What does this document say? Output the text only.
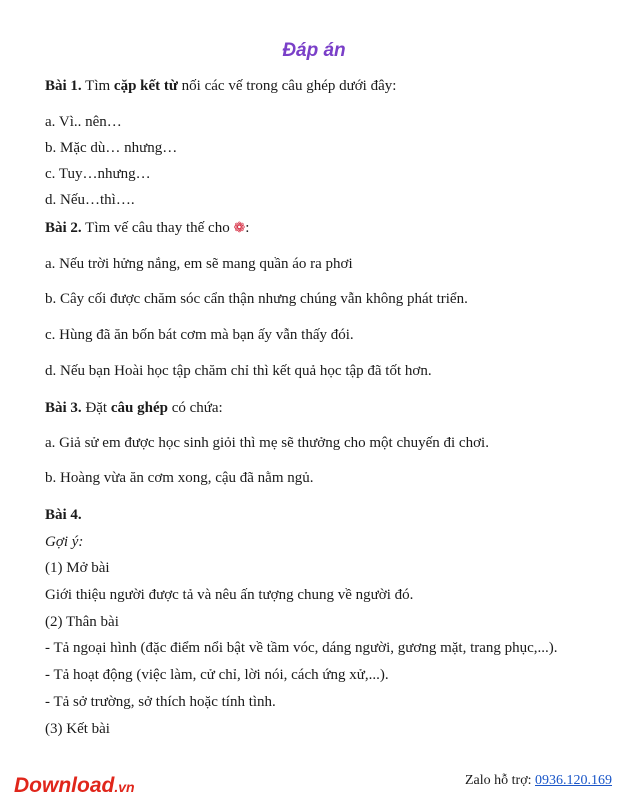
Đáp án
Bài 1. Tìm cặp kết từ nối các vế trong câu ghép dưới đây:
a. Vì.. nên…
b. Mặc dù… nhưng…
c. Tuy…nhưng…
d. Nếu…thì….
Bài 2. Tìm vế câu thay thế cho ❁:
a. Nếu trời hửng nắng, em sẽ mang quần áo ra phơi
b. Cây cối được chăm sóc cẩn thận nhưng chúng vẫn không phát triển.
c. Hùng đã ăn bốn bát cơm mà bạn ấy vẫn thấy đói.
d. Nếu bạn Hoài học tập chăm chỉ thì kết quả học tập đã tốt hơn.
Bài 3. Đặt câu ghép có chứa:
a. Giả sử em được học sinh giỏi thì mẹ sẽ thưởng cho một chuyến đi chơi.
b. Hoàng vừa ăn cơm xong, cậu đã nằm ngủ.
Bài 4.
Gợi ý:
(1) Mở bài
Giới thiệu người được tả và nêu ấn tượng chung về người đó.
(2) Thân bài
- Tả ngoại hình (đặc điểm nổi bật về tầm vóc, dáng người, gương mặt, trang phục,...).
- Tả hoạt động (việc làm, cử chỉ, lời nói, cách ứng xử,...).
- Tả sở trường, sở thích hoặc tính tình.
(3) Kết bài
Download.vn	Zalo hỗ trợ: 0936.120.169
